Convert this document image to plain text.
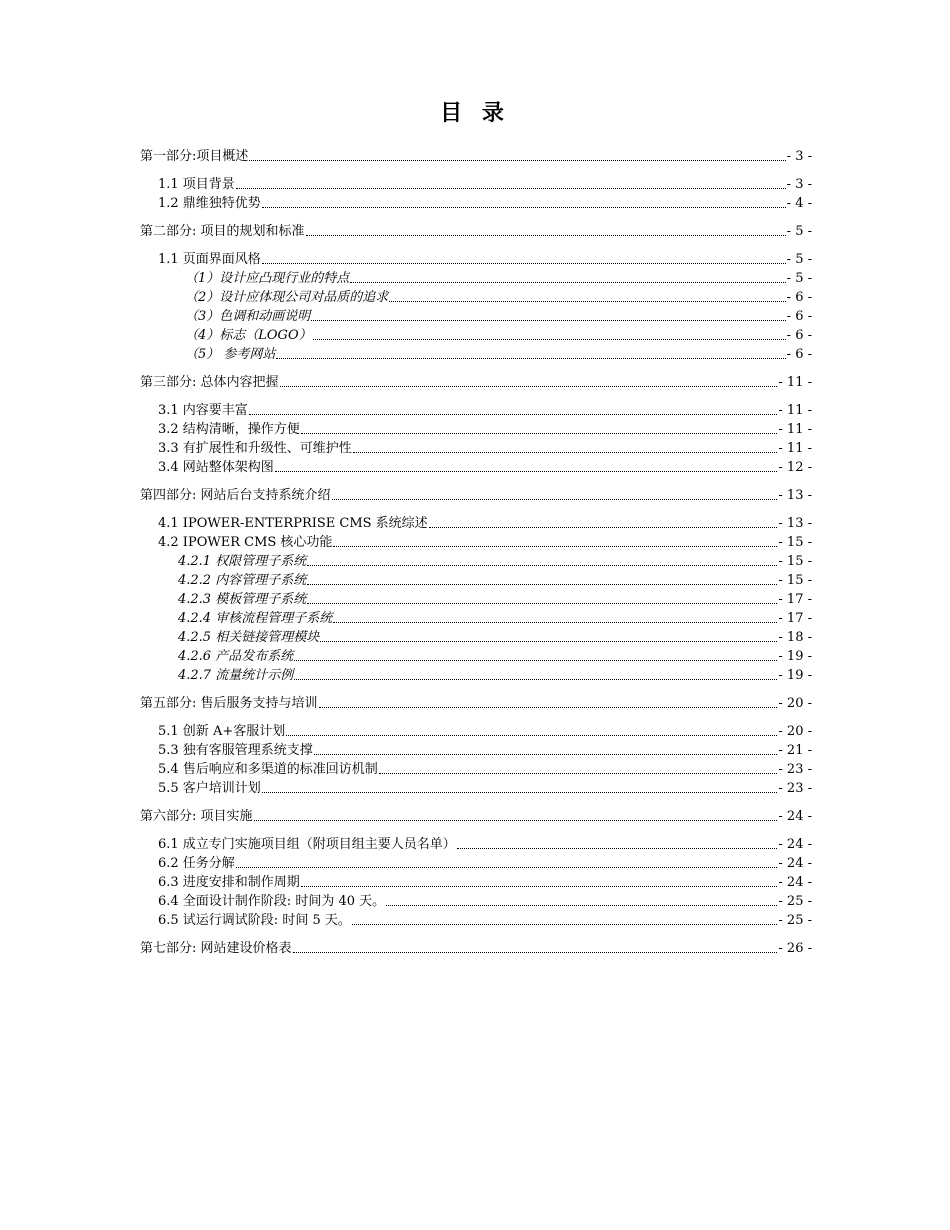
目 录
第一部分:项目概述	- 3 -
1.1 项目背景	- 3 -
1.2 鼎维独特优势	- 4 -
第二部分: 项目的规划和标准	- 5 -
1.1 页面界面风格	- 5 -
（1）设计应凸现行业的特点	- 5 -
（2）设计应体现公司对品质的追求	- 6 -
（3）色调和动画说明	- 6 -
（4）标志（LOGO）	- 6 -
（5） 参考网站	- 6 -
第三部分: 总体内容把握	- 11 -
3.1 内容要丰富	- 11 -
3.2 结构清晰，操作方便	- 11 -
3.3 有扩展性和升级性、可维护性	- 11 -
3.4 网站整体架构图	- 12 -
第四部分: 网站后台支持系统介绍	- 13 -
4.1 IPOWER-ENTERPRISE CMS 系统综述	- 13 -
4.2 IPOWER CMS 核心功能	- 15 -
4.2.1 权限管理子系统	- 15 -
4.2.2 内容管理子系统	- 15 -
4.2.3 模板管理子系统	- 17 -
4.2.4 审核流程管理子系统	- 17 -
4.2.5 相关链接管理模块	- 18 -
4.2.6 产品发布系统	- 19 -
4.2.7 流量统计示例	- 19 -
第五部分: 售后服务支持与培训	- 20 -
5.1 创新 A+客服计划	- 20 -
5.3 独有客服管理系统支撑	- 21 -
5.4 售后响应和多渠道的标准回访机制	- 23 -
5.5 客户培训计划	- 23 -
第六部分: 项目实施	- 24 -
6.1 成立专门实施项目组（附项目组主要人员名单）	- 24 -
6.2 任务分解	- 24 -
6.3 进度安排和制作周期	- 24 -
6.4 全面设计制作阶段: 时间为 40 天。	- 25 -
6.5 试运行调试阶段: 时间 5 天。	- 25 -
第七部分: 网站建设价格表	- 26 -
